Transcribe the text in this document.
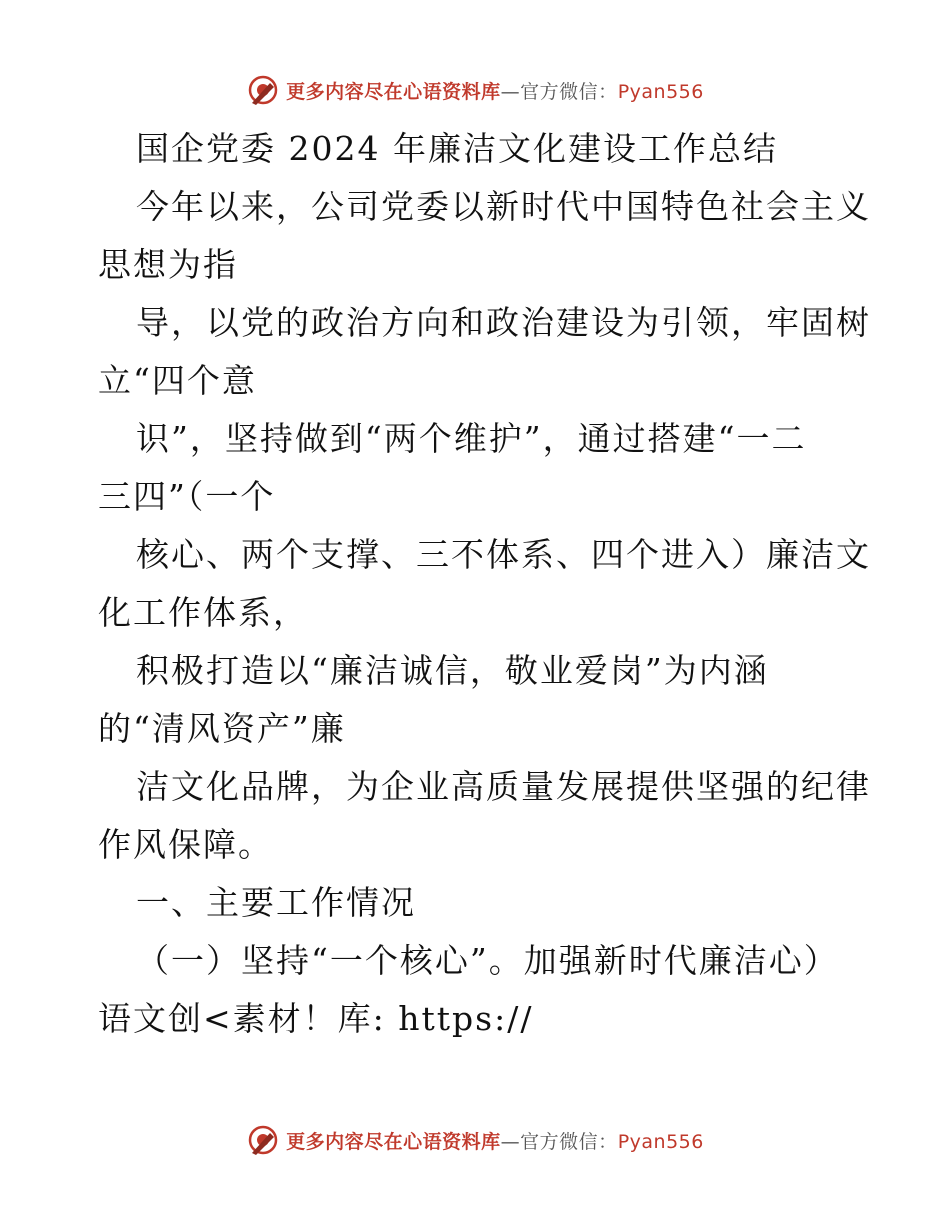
更多内容尽在心语资料库—官方微信：Pyan556
国企党委 2024 年廉洁文化建设工作总结
今年以来，公司党委以新时代中国特色社会主义
思想为指
导，以党的政治方向和政治建设为引领，牢固树
立“四个意
识”，坚持做到“两个维护”，通过搭建“一二
三四”（一个
核心、两个支撑、三不体系、四个进入）廉洁文
化工作体系，
积极打造以“廉洁诚信，敬业爱岗”为内涵
的“清风资产”廉
洁文化品牌，为企业高质量发展提供坚强的纪律
作风保障。
一、主要工作情况
（一）坚持“一个核心”。加强新时代廉洁心）
语文创<素材！库: https://
更多内容尽在心语资料库—官方微信：Pyan556
